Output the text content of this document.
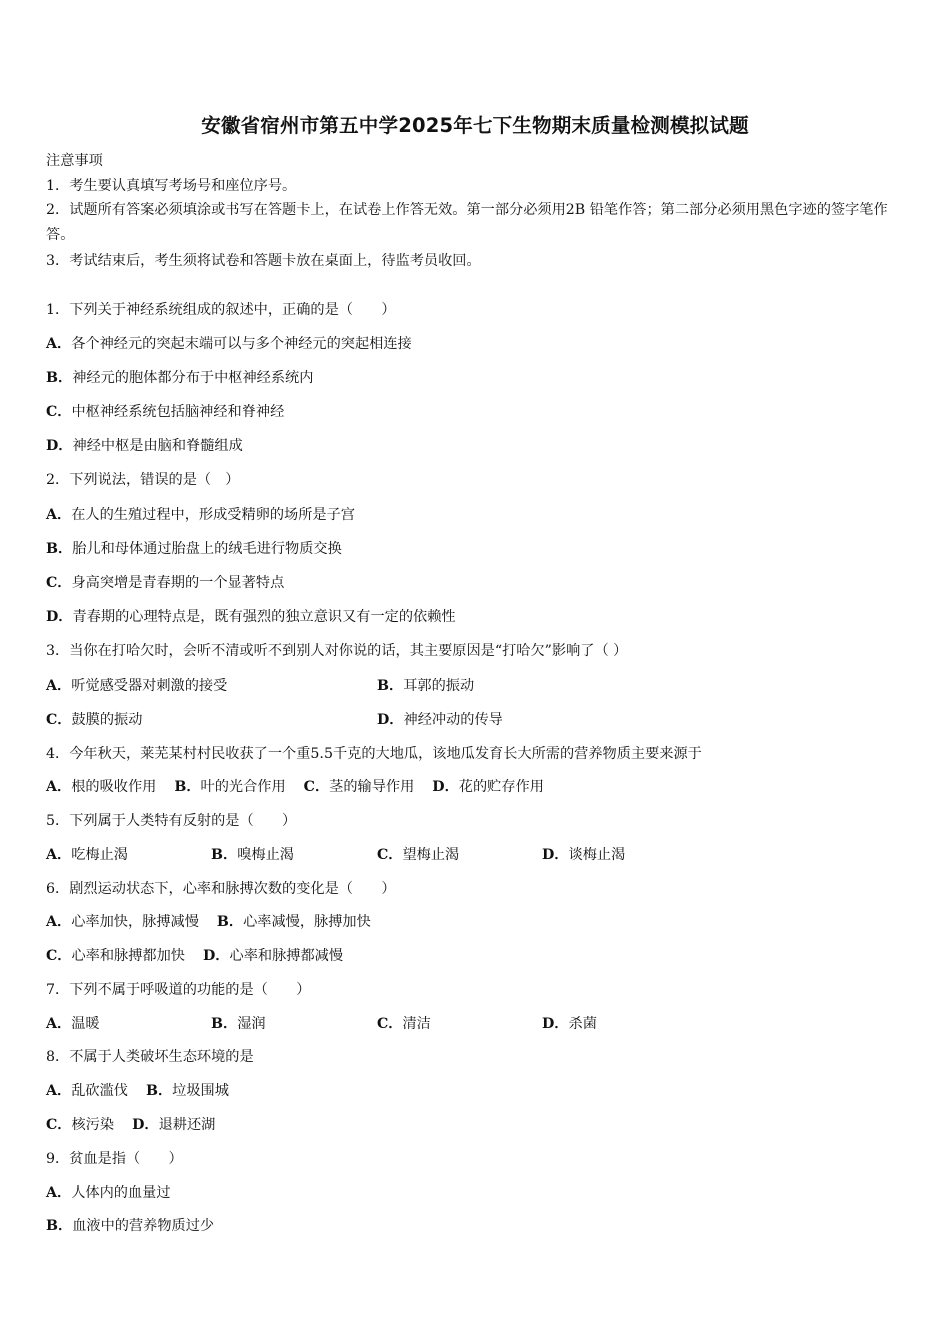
安徽省宿州市第五中学2025年七下生物期末质量检测模拟试题
注意事项
1．考生要认真填写考场号和座位序号。
2．试题所有答案必须填涂或书写在答题卡上，在试卷上作答无效。第一部分必须用2B 铅笔作答；第二部分必须用黑色字迹的签字笔作答。
3．考试结束后，考生须将试卷和答题卡放在桌面上，待监考员收回。
1．下列关于神经系统组成的叙述中，正确的是（　　）
A．各个神经元的突起末端可以与多个神经元的突起相连接
B．神经元的胞体都分布于中枢神经系统内
C．中枢神经系统包括脑神经和脊神经
D．神经中枢是由脑和脊髓组成
2．下列说法，错误的是（　）
A．在人的生殖过程中，形成受精卵的场所是子宫
B．胎儿和母体通过胎盘上的绒毛进行物质交换
C．身高突增是青春期的一个显著特点
D．青春期的心理特点是，既有强烈的独立意识又有一定的依赖性
3．当你在打哈欠时，会听不清或听不到别人对你说的话，其主要原因是“打哈欠”影响了（ ）
A．听觉感受器对刺激的接受	B．耳郭的振动
C．鼓膜的振动	D．神经冲动的传导
4．今年秋天，莱芜某村村民收获了一个重5.5千克的大地瓜，该地瓜发育长大所需的营养物质主要来源于
A．根的吸收作用 B．叶的光合作用 C．茎的输导作用 D．花的贮存作用
5．下列属于人类特有反射的是（　　）
A．吃梅止渴	B．嗅梅止渴	C．望梅止渴	D．谈梅止渴
6．剧烈运动状态下，心率和脉搏次数的变化是（　　）
A．心率加快，脉搏减慢 B．心率减慢，脉搏加快
C．心率和脉搏都加快 D．心率和脉搏都减慢
7．下列不属于呼吸道的功能的是（　　）
A．温暖	B．湿润	C．清洁	D．杀菌
8．不属于人类破坏生态环境的是
A．乱砍滥伐 B．垃圾围城
C．核污染 D．退耕还湖
9．贫血是指（　　）
A．人体内的血量过
B．血液中的营养物质过少
